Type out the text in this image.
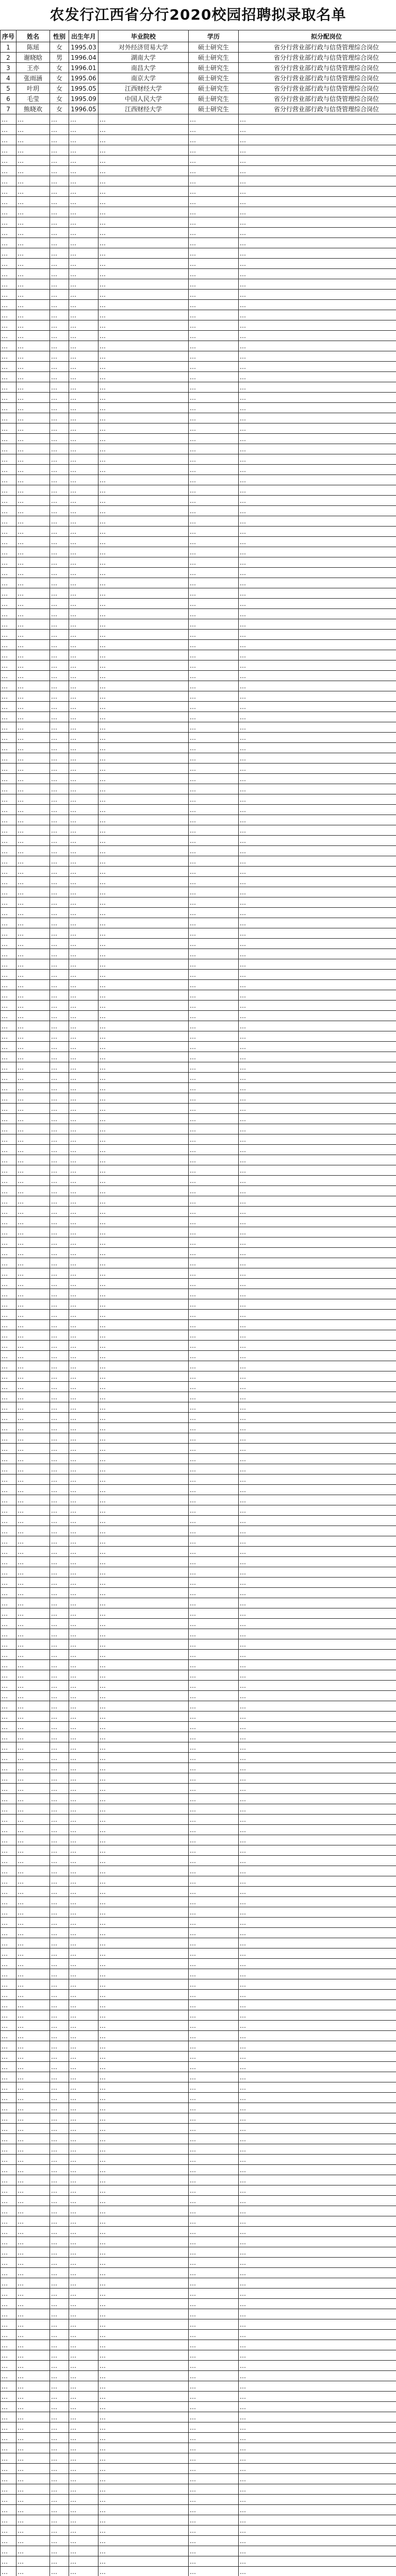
农发行江西省分行2020校园招聘拟录取名单
序号	姓名	性别	出生年月	毕业院校	学历	拟分配岗位
1	陈瑶	女	1995.03	对外经济贸易大学	硕士研究生	省分行营业部行政与信贷管理综合岗位
2	谢晓晗	男	1996.04	湖南大学	硕士研究生	省分行营业部行政与信贷管理综合岗位
3	王亦	女	1996.01	南昌大学	硕士研究生	省分行营业部行政与信贷管理综合岗位
4	张雨涵	女	1995.06	南京大学	硕士研究生	省分行营业部行政与信贷管理综合岗位
5	叶玥	女	1995.05	江西财经大学	硕士研究生	省分行营业部行政与信贷管理综合岗位
6	毛莹	女	1995.09	中国人民大学	硕士研究生	省分行营业部行政与信贷管理综合岗位
7	熊晓欢	女	1996.05	江西财经大学	硕士研究生	省分行营业部行政与信贷管理综合岗位
…	…	…	…	…	…	…
…	…	…	…	…	…	…
…	…	…	…	…	…	…
…	…	…	…	…	…	…
…	…	…	…	…	…	…
…	…	…	…	…	…	…
…	…	…	…	…	…	…
…	…	…	…	…	…	…
…	…	…	…	…	…	…
…	…	…	…	…	…	…
…	…	…	…	…	…	…
…	…	…	…	…	…	…
…	…	…	…	…	…	…
…	…	…	…	…	…	…
…	…	…	…	…	…	…
…	…	…	…	…	…	…
…	…	…	…	…	…	…
…	…	…	…	…	…	…
…	…	…	…	…	…	…
…	…	…	…	…	…	…
…	…	…	…	…	…	…
…	…	…	…	…	…	…
…	…	…	…	…	…	…
…	…	…	…	…	…	…
…	…	…	…	…	…	…
…	…	…	…	…	…	…
…	…	…	…	…	…	…
…	…	…	…	…	…	…
…	…	…	…	…	…	…
…	…	…	…	…	…	…
…	…	…	…	…	…	…
…	…	…	…	…	…	…
…	…	…	…	…	…	…
…	…	…	…	…	…	…
…	…	…	…	…	…	…
…	…	…	…	…	…	…
…	…	…	…	…	…	…
…	…	…	…	…	…	…
…	…	…	…	…	…	…
…	…	…	…	…	…	…
…	…	…	…	…	…	…
…	…	…	…	…	…	…
…	…	…	…	…	…	…
…	…	…	…	…	…	…
…	…	…	…	…	…	…
…	…	…	…	…	…	…
…	…	…	…	…	…	…
…	…	…	…	…	…	…
…	…	…	…	…	…	…
…	…	…	…	…	…	…
…	…	…	…	…	…	…
…	…	…	…	…	…	…
…	…	…	…	…	…	…
…	…	…	…	…	…	…
…	…	…	…	…	…	…
…	…	…	…	…	…	…
…	…	…	…	…	…	…
…	…	…	…	…	…	…
…	…	…	…	…	…	…
…	…	…	…	…	…	…
…	…	…	…	…	…	…
…	…	…	…	…	…	…
…	…	…	…	…	…	…
…	…	…	…	…	…	…
…	…	…	…	…	…	…
…	…	…	…	…	…	…
…	…	…	…	…	…	…
…	…	…	…	…	…	…
…	…	…	…	…	…	…
…	…	…	…	…	…	…
…	…	…	…	…	…	…
…	…	…	…	…	…	…
…	…	…	…	…	…	…
…	…	…	…	…	…	…
…	…	…	…	…	…	…
…	…	…	…	…	…	…
…	…	…	…	…	…	…
…	…	…	…	…	…	…
…	…	…	…	…	…	…
…	…	…	…	…	…	…
…	…	…	…	…	…	…
…	…	…	…	…	…	…
…	…	…	…	…	…	…
…	…	…	…	…	…	…
…	…	…	…	…	…	…
…	…	…	…	…	…	…
…	…	…	…	…	…	…
…	…	…	…	…	…	…
…	…	…	…	…	…	…
…	…	…	…	…	…	…
…	…	…	…	…	…	…
…	…	…	…	…	…	…
…	…	…	…	…	…	…
…	…	…	…	…	…	…
…	…	…	…	…	…	…
…	…	…	…	…	…	…
…	…	…	…	…	…	…
…	…	…	…	…	…	…
…	…	…	…	…	…	…
…	…	…	…	…	…	…
…	…	…	…	…	…	…
…	…	…	…	…	…	…
…	…	…	…	…	…	…
…	…	…	…	…	…	…
…	…	…	…	…	…	…
…	…	…	…	…	…	…
…	…	…	…	…	…	…
…	…	…	…	…	…	…
…	…	…	…	…	…	…
…	…	…	…	…	…	…
…	…	…	…	…	…	…
…	…	…	…	…	…	…
…	…	…	…	…	…	…
…	…	…	…	…	…	…
…	…	…	…	…	…	…
…	…	…	…	…	…	…
…	…	…	…	…	…	…
…	…	…	…	…	…	…
…	…	…	…	…	…	…
…	…	…	…	…	…	…
…	…	…	…	…	…	…
…	…	…	…	…	…	…
…	…	…	…	…	…	…
…	…	…	…	…	…	…
…	…	…	…	…	…	…
…	…	…	…	…	…	…
…	…	…	…	…	…	…
…	…	…	…	…	…	…
…	…	…	…	…	…	…
…	…	…	…	…	…	…
…	…	…	…	…	…	…
…	…	…	…	…	…	…
…	…	…	…	…	…	…
…	…	…	…	…	…	…
…	…	…	…	…	…	…
…	…	…	…	…	…	…
…	…	…	…	…	…	…
…	…	…	…	…	…	…
…	…	…	…	…	…	…
…	…	…	…	…	…	…
…	…	…	…	…	…	…
…	…	…	…	…	…	…
…	…	…	…	…	…	…
…	…	…	…	…	…	…
…	…	…	…	…	…	…
…	…	…	…	…	…	…
…	…	…	…	…	…	…
…	…	…	…	…	…	…
…	…	…	…	…	…	…
…	…	…	…	…	…	…
…	…	…	…	…	…	…
…	…	…	…	…	…	…
…	…	…	…	…	…	…
…	…	…	…	…	…	…
…	…	…	…	…	…	…
…	…	…	…	…	…	…
…	…	…	…	…	…	…
…	…	…	…	…	…	…
…	…	…	…	…	…	…
…	…	…	…	…	…	…
…	…	…	…	…	…	…
…	…	…	…	…	…	…
…	…	…	…	…	…	…
…	…	…	…	…	…	…
…	…	…	…	…	…	…
…	…	…	…	…	…	…
…	…	…	…	…	…	…
…	…	…	…	…	…	…
…	…	…	…	…	…	…
…	…	…	…	…	…	…
…	…	…	…	…	…	…
…	…	…	…	…	…	…
…	…	…	…	…	…	…
…	…	…	…	…	…	…
…	…	…	…	…	…	…
…	…	…	…	…	…	…
…	…	…	…	…	…	…
…	…	…	…	…	…	…
…	…	…	…	…	…	…
…	…	…	…	…	…	…
…	…	…	…	…	…	…
…	…	…	…	…	…	…
…	…	…	…	…	…	…
…	…	…	…	…	…	…
…	…	…	…	…	…	…
…	…	…	…	…	…	…
…	…	…	…	…	…	…
…	…	…	…	…	…	…
…	…	…	…	…	…	…
…	…	…	…	…	…	…
…	…	…	…	…	…	…
…	…	…	…	…	…	…
…	…	…	…	…	…	…
…	…	…	…	…	…	…
…	…	…	…	…	…	…
…	…	…	…	…	…	…
…	…	…	…	…	…	…
…	…	…	…	…	…	…
…	…	…	…	…	…	…
…	…	…	…	…	…	…
…	…	…	…	…	…	…
…	…	…	…	…	…	…
…	…	…	…	…	…	…
…	…	…	…	…	…	…
…	…	…	…	…	…	…
…	…	…	…	…	…	…
…	…	…	…	…	…	…
…	…	…	…	…	…	…
…	…	…	…	…	…	…
…	…	…	…	…	…	…
…	…	…	…	…	…	…
…	…	…	…	…	…	…
…	…	…	…	…	…	…
…	…	…	…	…	…	…
…	…	…	…	…	…	…
…	…	…	…	…	…	…
…	…	…	…	…	…	…
…	…	…	…	…	…	…
…	…	…	…	…	…	…
…	…	…	…	…	…	…
…	…	…	…	…	…	…
…	…	…	…	…	…	…
…	…	…	…	…	…	…
…	…	…	…	…	…	…
…	…	…	…	…	…	…
…	…	…	…	…	…	…
…	…	…	…	…	…	…
…	…	…	…	…	…	…
…	…	…	…	…	…	…
…	…	…	…	…	…	…
…	…	…	…	…	…	…
…	…	…	…	…	…	…
…	…	…	…	…	…	…
…	…	…	…	…	…	…
…	…	…	…	…	…	…
…	…	…	…	…	…	…
…	…	…	…	…	…	…
…	…	…	…	…	…	…
…	…	…	…	…	…	…
